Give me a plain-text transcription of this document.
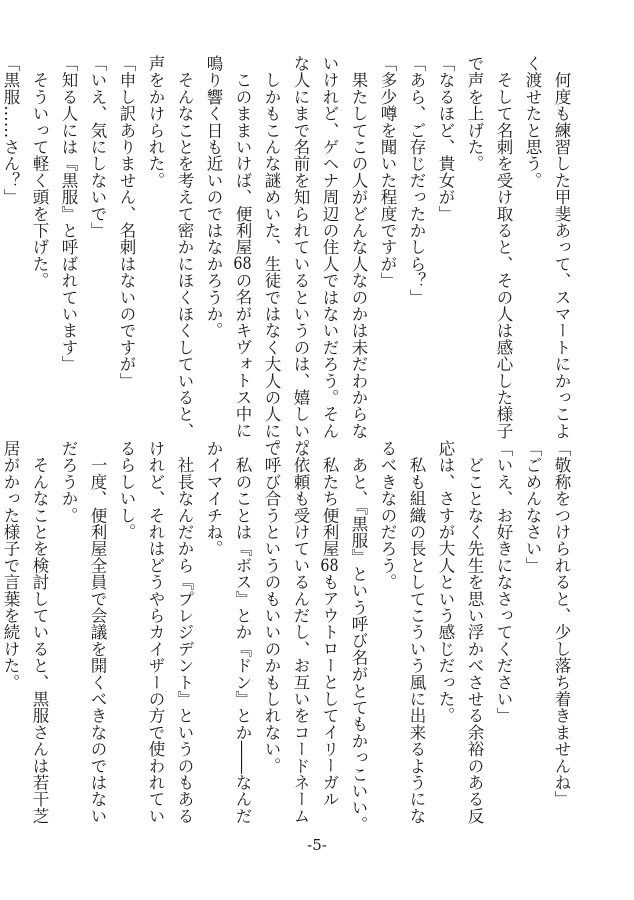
　何度も練習した甲斐あって、スマートにかっこよ
く渡せたと思う。
　そして名刺を受け取ると、その人は感心した様子
で声を上げた。
「なるほど、貴女が」
「あら、ご存じだったかしら？」
「多少噂を聞いた程度ですが」
　果たしてこの人がどんな人なのかは未だわからな
いけれど、ゲヘナ周辺の住人ではないだろう。そん
な人にまで名前を知られているというのは、嬉しい。
　しかもこんな謎めいた、生徒ではなく大人の人に。
　このままいけば、便利屋68の名がキヴォトス中に
鳴り響く日も近いのではなかろうか。
　そんなことを考えて密かにほくほくしていると、
声をかけられた。
「申し訳ありません、名刺はないのですが」
「いえ、気にしないで」
「知る人には『黒服』と呼ばれています」
　そういって軽く頭を下げた。
「黒服……さん？」
「敬称をつけられると、少し落ち着きませんね」
「ごめんなさい」
「いえ、お好きになさってください」
　どことなく先生を思い浮かべさせる余裕のある反
応は、さすが大人という感じだった。
　私も組織の長としてこういう風に出来るようにな
るべきなのだろう。
　あと、『黒服』という呼び名がとてもかっこいい。
　私たち便利屋68もアウトローとしてイリーガル
な依頼も受けているんだし、お互いをコードネーム
で呼び合うというのもいいのかもしれない。
　私のことは『ボス』とか『ドン』とか――なんだ
かイマイチね。
　社長なんだから『プレジデント』というのもある
けれど、それはどうやらカイザーの方で使われてい
るらしいし。
　一度、便利屋全員で会議を開くべきなのではない
だろうか。
　そんなことを検討していると、黒服さんは若干芝
居がかった様子で言葉を続けた。
-5-
